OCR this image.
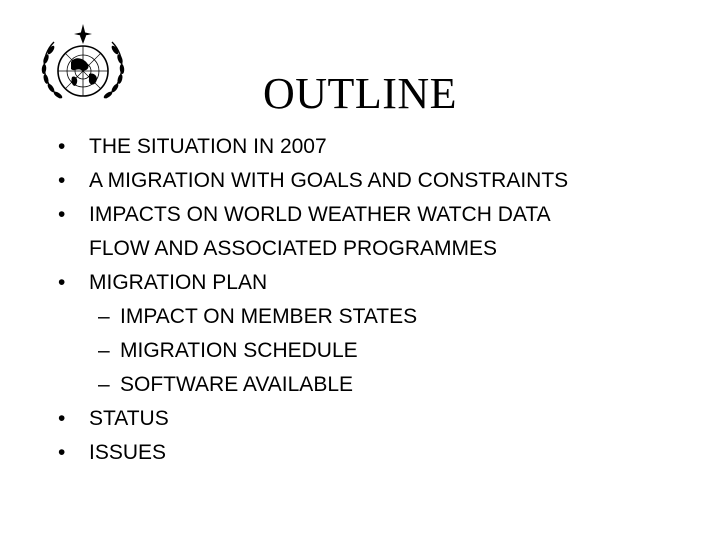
OUTLINE
•	THE SITUATION IN 2007
•	A MIGRATION WITH GOALS AND CONSTRAINTS
•	IMPACTS ON WORLD WEATHER WATCH DATA
FLOW AND ASSOCIATED PROGRAMMES
•	MIGRATION PLAN
– IMPACT ON MEMBER STATES
– MIGRATION SCHEDULE
– SOFTWARE AVAILABLE
•	STATUS
•	ISSUES
